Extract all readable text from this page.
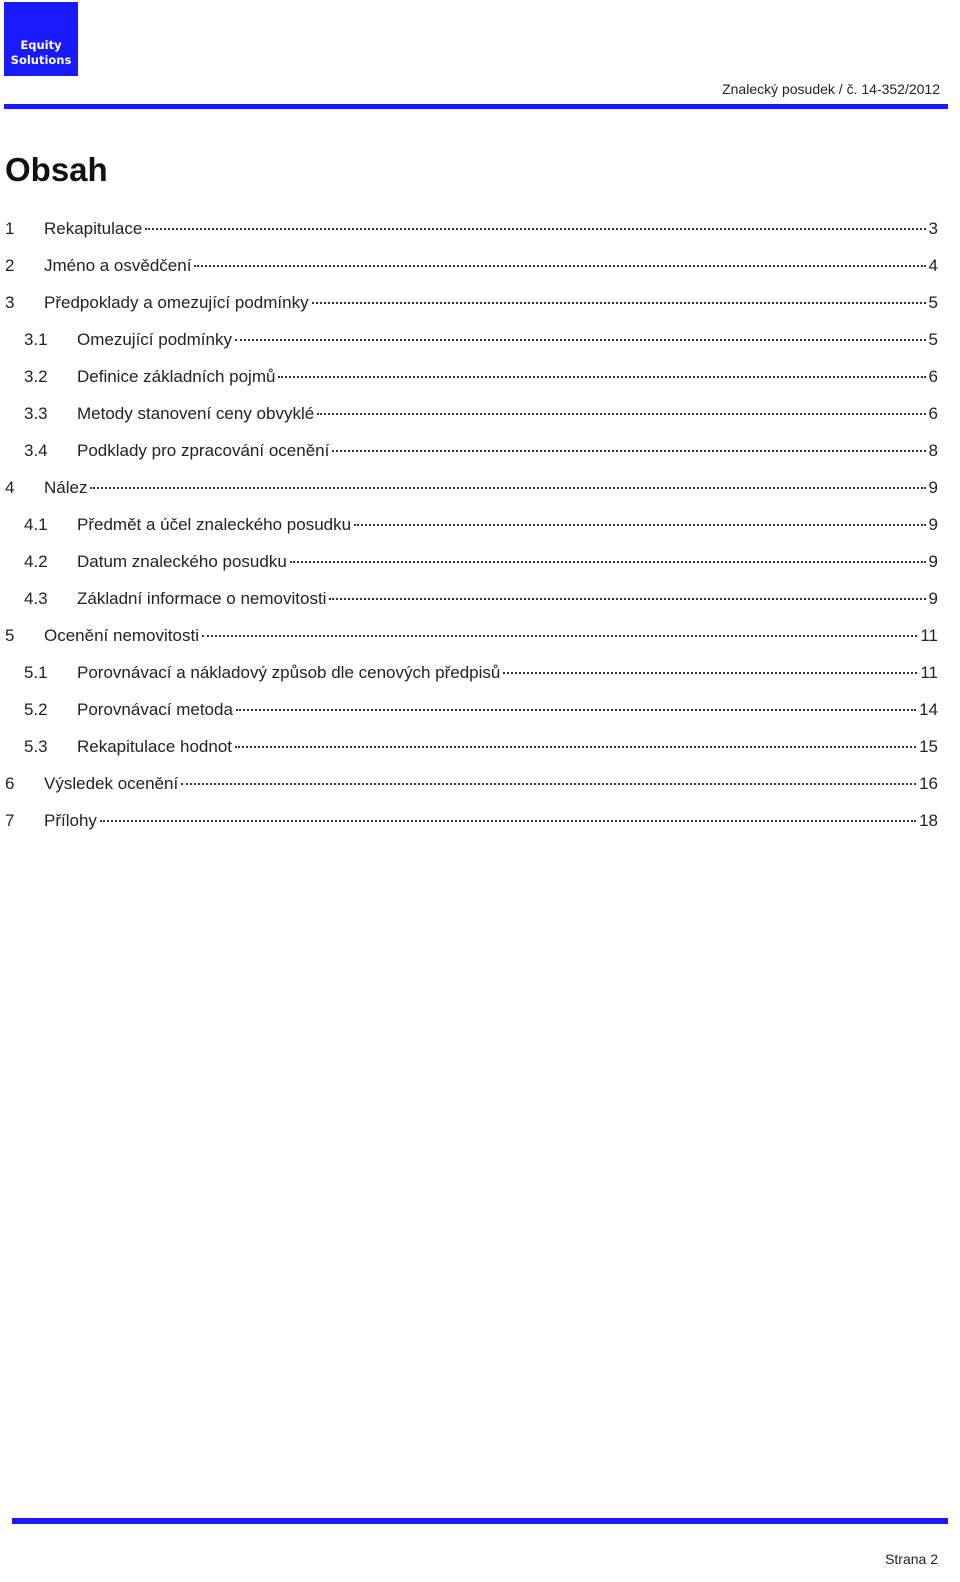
Equity
Solutions
Znalecký posudek / č. 14-352/2012
Obsah
1 Rekapitulace	3
2 Jméno a osvědčení	4
3 Předpoklady a omezující podmínky	5
3.1 Omezující podmínky	5
3.2 Definice základních pojmů	6
3.3 Metody stanovení ceny obvyklé	6
3.4 Podklady pro zpracování ocenění	8
4 Nález	9
4.1 Předmět a účel znaleckého posudku	9
4.2 Datum znaleckého posudku	9
4.3 Základní informace o nemovitosti	9
5 Ocenění nemovitosti	11
5.1 Porovnávací a nákladový způsob dle cenových předpisů	11
5.2 Porovnávací metoda	14
5.3 Rekapitulace hodnot	15
6 Výsledek ocenění	16
7 Přílohy	18
Strana 2
